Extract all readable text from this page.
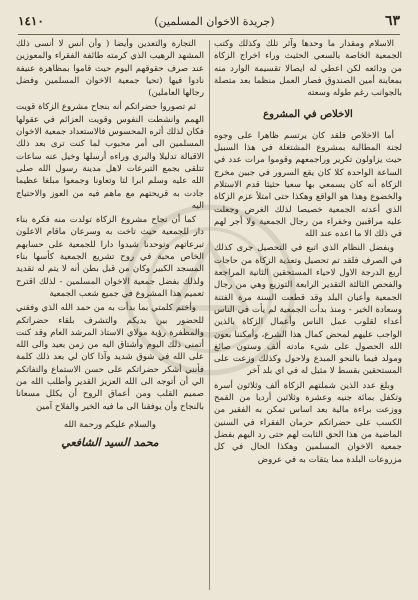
٦٣
(جريدة الاخوان المسلمين)
١٤١٠

الاسلام ومقدار ما وحدها وآثر تلك وكذلك وكتب الجمعية الخاصة بالسعي الحثيث وراء اخراج الزكاة من ودائعه لكن اعطي له ايصالا تقسيمة الوارد منه بمعاينة أمين الصندوق فصار العمل منظما بعد متصلة بالجوانب رغم طوله وسعته

الاخلاص في المشروع

أما الاخلاص فلقد كان يرتسم ظاهرا على وجوه لجنة المطالبة بمشروع المشتغلة في هذا السبيل حيث يزاولون تكرير وراجمعهم وقوموا مرات عدد في الساعة الواحدة كلا كان يقع السرور في جبين مخرج الزكاة أنه كان يسمعي بها سعيا حثيثا قدم الاستلام والخضوع وهذا هو الواقع وهكذا حتى امتلأ عزم الزكاة الذي أعدته الجمعية خصيصا لذلك الغرض وجعلت عليه مراقبين وخفراء من رجال الجمعية ولا أجر لهم في ذلك الا ما اعده عند الله

وبفضل النظام الذي اتبع في التحصيل جرى كذلك في الصرف فلقد تم تحصيل وتعذية الزكاة من حاجات أربع الدرجة الاول لاحياء المستحقين الثانية المراجعة والفحص الثالثة التقدير الرابعة التوزيع وهي من رجال الجمعية وأعيان البلد وقد قطعت السنة مرة الفتنة وسعادة الخير - ومنذ بدأت الجمعية لم يأت في الناس أعداء لقلوب عمل الناس وأعمال الزكاة بالذين الواجب عليهم لمحض كمال هذا الشرع، وأمكننا بعون الله الحصول على شيء مادته ألف وستون صائغ ومولد فيما بالنحو المبدع ولاحول وكذلك وزعت على المستحقين بقسط لا مثيل له في اي بلد آخر

وبلغ عدد الذين شملتهم الزكاة ألف وثلاثون أسرة وتكفل بمائة جنيه وعشرة وثلاثين أرديا من القمح ووزعت براءة مالية بعد اساس تمكن به الفقير من الكسب على حضراتكم حرمان الفقراء في السنين الماضية من هذا الحق الثابت لهم حتى رد اليهم بفضل جمعية الاخوان المسلمين وهكذا الحال في كل مزروعات البلدة مما يتقات به في عروض

التجارة والتعدين وأيضا ( وأن أنس لا أنسى ذلك المشهد الرهيب الذي كرمته طائفة الفقراء والمعوزين عند صرف حقوقهم اليوم حيث قاموا بمظاهرة عنيفة نادوا فيها (تحيا جمعية الاخوان المسلمين وفضل رجالها العاملين)

ثم تصوروا حضراتكم أنه بنجاح مشروع الزكاة قويت الهمم وانشطت النفوس وقويت العزائم في عقولها فكان لذلك أثره المحسوس فالاستعداد جمعية الاخوان المسلمين الى أمر محبوب لما كنت ترى بعد ذلك الاقبالة تدليلا والبري وراءه أرسلها وخيل عنه ساعات تتلقى بجمع التبرعات لاهل مدينة رسول الله صلى الله عليه وسلم ابرا لتا وتعاونا وجمعوا مبلغا عظيما جادت به قريحتهم مع ماهم فيه من العوز والاحتياج اليه

كما أن نجاح مشروع الزكاة تولدت منه فكرة بناء دار للجمعية حيث تاخت به وسرعان ماقام الاعلون تبرعاتهم وتوحدنا شيدوا دارا للجمعية على حسابهم الخاص محبة في روح تشريع الجمعية كأسها بناء المسجد الكبير وكان من قبل بطن أنه لا يتم له تقديد ولذلك بفضل جمعية الاخوان المسلمين - لذلك اقترح تعميم هذا المشروع في جميع شعب الجمعية

وأختم كلمتي بما بدأت به من حمد الله الذي وفقني للحضور بين يديكم والتشرف بلقاء حضراتكم والمظفرة رؤية مولاي الاستاذ المرشد العام وقد كنت أتمنى ذلك اليوم وأشتاق اليه من زمن بعيد والى الله على الله في شوق شديد وآذا كان لي بعد ذلك كلمة فأنني أشكر حضراتكم على حسن الاستماع والتفاتكم الي أن أتوجه الى الله العزيز القدير وأطلب الله من صميم القلب ومن أعماق الروح أن يكلل مسعانا بالنجاح وأن يوفقنا الى ما فيه الخير والفلاح آمين

والسلام عليكم ورحمة الله
محمد السيد الشافعي
